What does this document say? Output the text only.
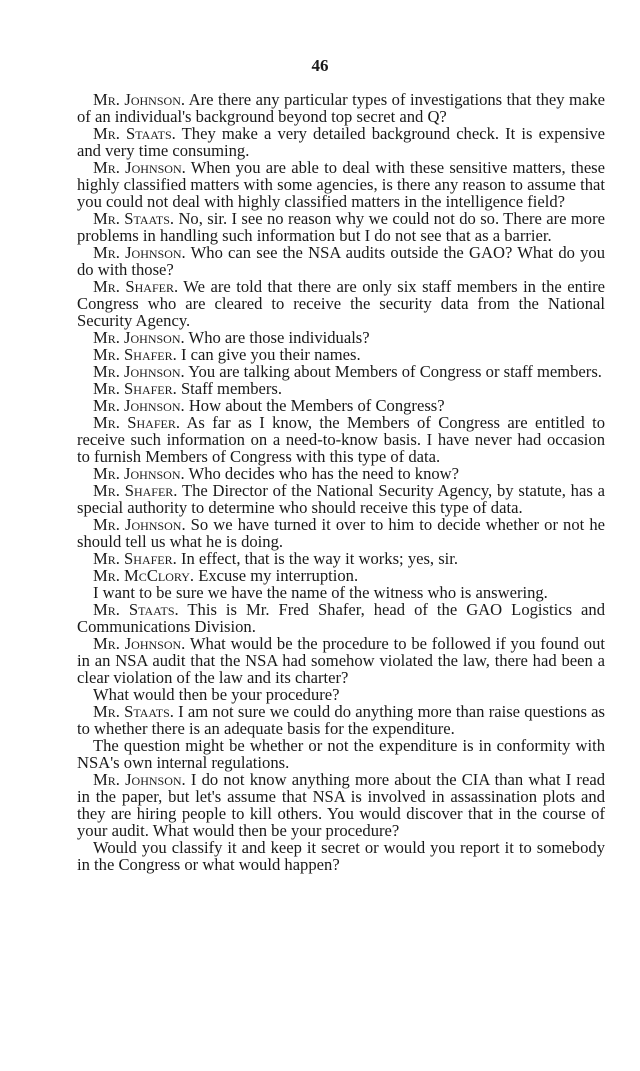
46

Mr. Johnson. Are there any particular types of investigations that they make of an individual's background beyond top secret and Q?

Mr. Staats. They make a very detailed background check. It is expensive and very time consuming.

Mr. Johnson. When you are able to deal with these sensitive matters, these highly classified matters with some agencies, is there any reason to assume that you could not deal with highly classified matters in the intelligence field?

Mr. Staats. No, sir. I see no reason why we could not do so. There are more problems in handling such information but I do not see that as a barrier.

Mr. Johnson. Who can see the NSA audits outside the GAO? What do you do with those?

Mr. Shafer. We are told that there are only six staff members in the entire Congress who are cleared to receive the security data from the National Security Agency.

Mr. Johnson. Who are those individuals?

Mr. Shafer. I can give you their names.

Mr. Johnson. You are talking about Members of Congress or staff members.

Mr. Shafer. Staff members.

Mr. Johnson. How about the Members of Congress?

Mr. Shafer. As far as I know, the Members of Congress are entitled to receive such information on a need-to-know basis. I have never had occasion to furnish Members of Congress with this type of data.

Mr. Johnson. Who decides who has the need to know?

Mr. Shafer. The Director of the National Security Agency, by statute, has a special authority to determine who should receive this type of data.

Mr. Johnson. So we have turned it over to him to decide whether or not he should tell us what he is doing.

Mr. Shafer. In effect, that is the way it works; yes, sir.

Mr. McClory. Excuse my interruption.

I want to be sure we have the name of the witness who is answering.

Mr. Staats. This is Mr. Fred Shafer, head of the GAO Logistics and Communications Division.

Mr. Johnson. What would be the procedure to be followed if you found out in an NSA audit that the NSA had somehow violated the law, there had been a clear violation of the law and its charter?

What would then be your procedure?

Mr. Staats. I am not sure we could do anything more than raise questions as to whether there is an adequate basis for the expenditure.

The question might be whether or not the expenditure is in conformity with NSA's own internal regulations.

Mr. Johnson. I do not know anything more about the CIA than what I read in the paper, but let's assume that NSA is involved in assassination plots and they are hiring people to kill others. You would discover that in the course of your audit. What would then be your procedure?

Would you classify it and keep it secret or would you report it to somebody in the Congress or what would happen?
